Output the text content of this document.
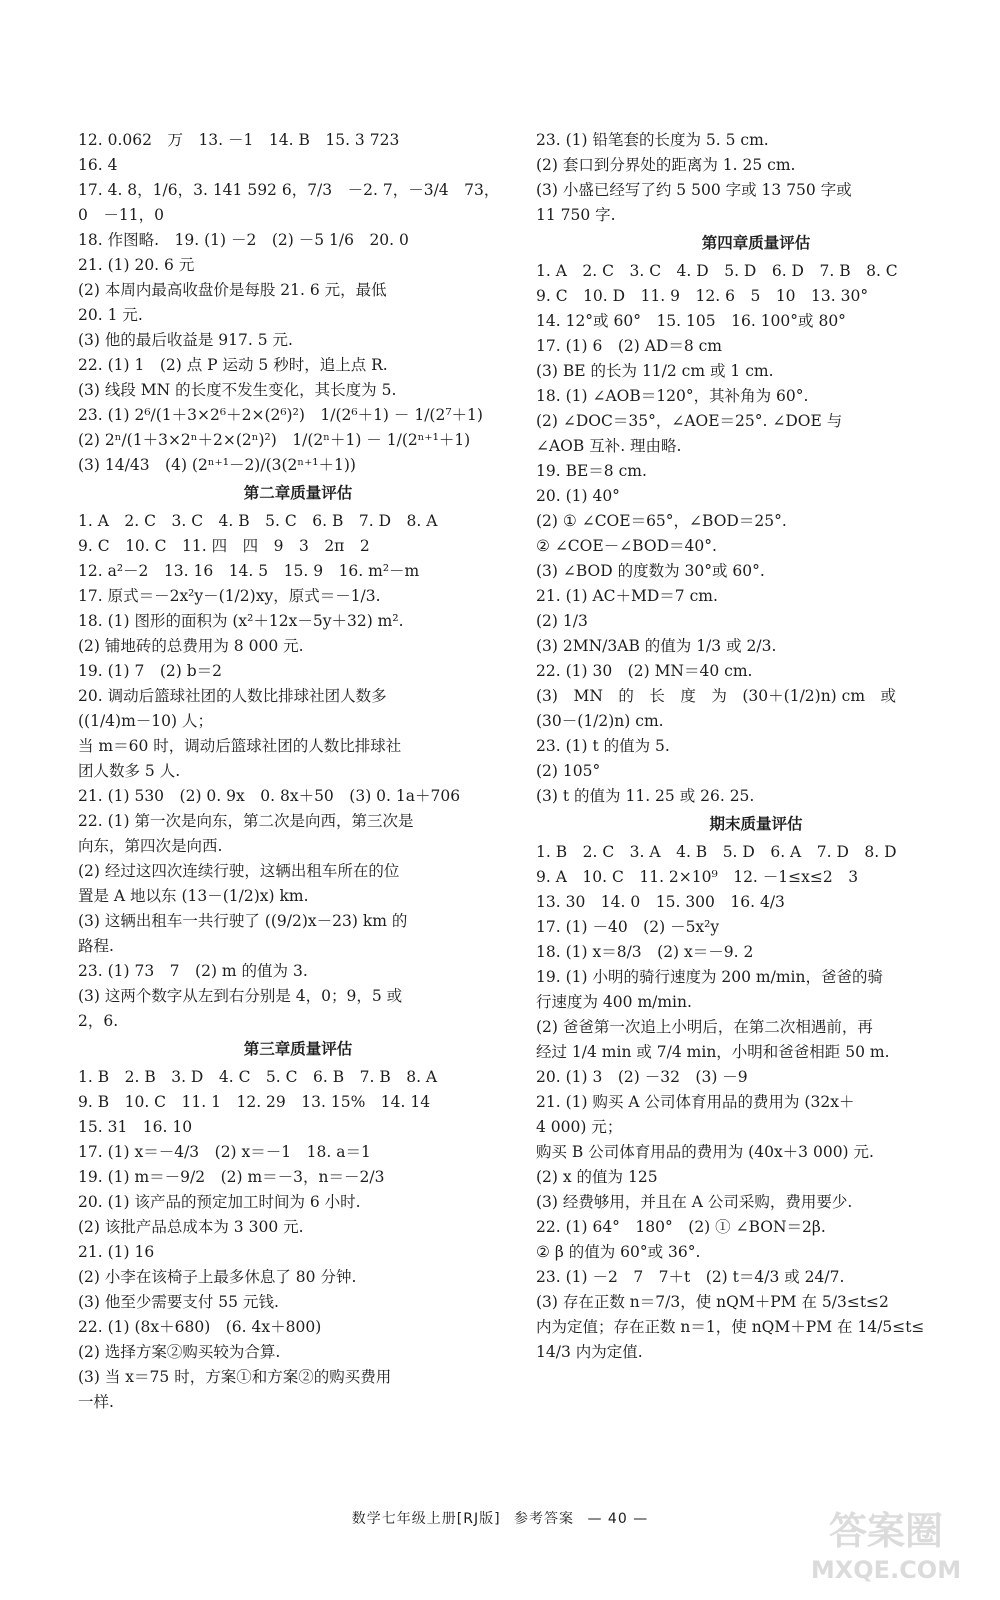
12. 0.062　万　13. －1　14. B　15. 3 723
16. 4
17. 4. 8，1/6，3. 141 592 6，7/3　－2. 7，－3/4　73，
0　－11，0
18. 作图略.　19. (1) －2　(2) －5 1/6　20. 0
21. (1) 20. 6 元
(2) 本周内最高收盘价是每股 21. 6 元，最低
20. 1 元.
(3) 他的最后收益是 917. 5 元.
22. (1) 1　(2) 点 P 运动 5 秒时，追上点 R.
(3) 线段 MN 的长度不发生变化，其长度为 5.
23. (1) 2⁶/(1＋3×2⁶＋2×(2⁶)²)　1/(2⁶＋1) － 1/(2⁷＋1)
(2) 2ⁿ/(1＋3×2ⁿ＋2×(2ⁿ)²)　1/(2ⁿ＋1) － 1/(2ⁿ⁺¹＋1)
(3) 14/43　(4) (2ⁿ⁺¹－2)/(3(2ⁿ⁺¹＋1))
第二章质量评估
1. A　2. C　3. C　4. B　5. C　6. B　7. D　8. A
9. C　10. C　11. 四　四　9　3　2π　2
12. a²－2　13. 16　14. 5　15. 9　16. m²－m
17. 原式＝－2x²y－(1/2)xy，原式＝－1/3.
18. (1) 图形的面积为 (x²＋12x－5y＋32) m².
(2) 铺地砖的总费用为 8 000 元.
19. (1) 7　(2) b＝2
20. 调动后篮球社团的人数比排球社团人数多
((1/4)m－10) 人；
当 m＝60 时，调动后篮球社团的人数比排球社
团人数多 5 人.
21. (1) 530　(2) 0. 9x　0. 8x＋50　(3) 0. 1a＋706
22. (1) 第一次是向东，第二次是向西，第三次是
向东，第四次是向西.
(2) 经过这四次连续行驶，这辆出租车所在的位
置是 A 地以东 (13－(1/2)x) km.
(3) 这辆出租车一共行驶了 ((9/2)x－23) km 的
路程.
23. (1) 73　7　(2) m 的值为 3.
(3) 这两个数字从左到右分别是 4，0；9，5 或
2，6.
第三章质量评估
1. B　2. B　3. D　4. C　5. C　6. B　7. B　8. A
9. B　10. C　11. 1　12. 29　13. 15%　14. 14
15. 31　16. 10
17. (1) x＝－4/3　(2) x＝－1　18. a＝1
19. (1) m＝－9/2　(2) m＝－3，n＝－2/3
20. (1) 该产品的预定加工时间为 6 小时.
(2) 该批产品总成本为 3 300 元.
21. (1) 16
(2) 小李在该椅子上最多休息了 80 分钟.
(3) 他至少需要支付 55 元钱.
22. (1) (8x＋680)　(6. 4x＋800)
(2) 选择方案②购买较为合算.
(3) 当 x＝75 时，方案①和方案②的购买费用
一样.
23. (1) 铅笔套的长度为 5. 5 cm.
(2) 套口到分界处的距离为 1. 25 cm.
(3) 小盛已经写了约 5 500 字或 13 750 字或
11 750 字.
第四章质量评估
1. A　2. C　3. C　4. D　5. D　6. D　7. B　8. C
9. C　10. D　11. 9　12. 6　5　10　13. 30°
14. 12°或 60°　15. 105　16. 100°或 80°
17. (1) 6　(2) AD＝8 cm
(3) BE 的长为 11/2 cm 或 1 cm.
18. (1) ∠AOB＝120°，其补角为 60°.
(2) ∠DOC＝35°，∠AOE＝25°. ∠DOE 与
∠AOB 互补. 理由略.
19. BE＝8 cm.
20. (1) 40°
(2) ① ∠COE＝65°，∠BOD＝25°.
② ∠COE－∠BOD＝40°.
(3) ∠BOD 的度数为 30°或 60°.
21. (1) AC＋MD＝7 cm.
(2) 1/3
(3) 2MN/3AB 的值为 1/3 或 2/3.
22. (1) 30　(2) MN＝40 cm.
(3)　MN　的　长　度　为　(30＋(1/2)n) cm　或
(30－(1/2)n) cm.
23. (1) t 的值为 5.
(2) 105°
(3) t 的值为 11. 25 或 26. 25.
期末质量评估
1. B　2. C　3. A　4. B　5. D　6. A　7. D　8. D
9. A　10. C　11. 2×10⁹　12. －1≤x≤2　3
13. 30　14. 0　15. 300　16. 4/3
17. (1) －40　(2) －5x²y
18. (1) x＝8/3　(2) x＝－9. 2
19. (1) 小明的骑行速度为 200 m/min，爸爸的骑
行速度为 400 m/min.
(2) 爸爸第一次追上小明后，在第二次相遇前，再
经过 1/4 min 或 7/4 min，小明和爸爸相距 50 m.
20. (1) 3　(2) －32　(3) －9
21. (1) 购买 A 公司体育用品的费用为 (32x＋
4 000) 元；
购买 B 公司体育用品的费用为 (40x＋3 000) 元.
(2) x 的值为 125
(3) 经费够用，并且在 A 公司采购，费用要少.
22. (1) 64°　180°　(2) ① ∠BON＝2β.
② β 的值为 60°或 36°.
23. (1) －2　7　7＋t　(2) t＝4/3 或 24/7.
(3) 存在正数 n＝7/3，使 nQM＋PM 在 5/3≤t≤2
内为定值；存在正数 n＝1，使 nQM＋PM 在 14/5≤t≤
14/3 内为定值.
数学七年级上册[RJ版] 参考答案 — 40 —	答案圈
MXQE.COM
